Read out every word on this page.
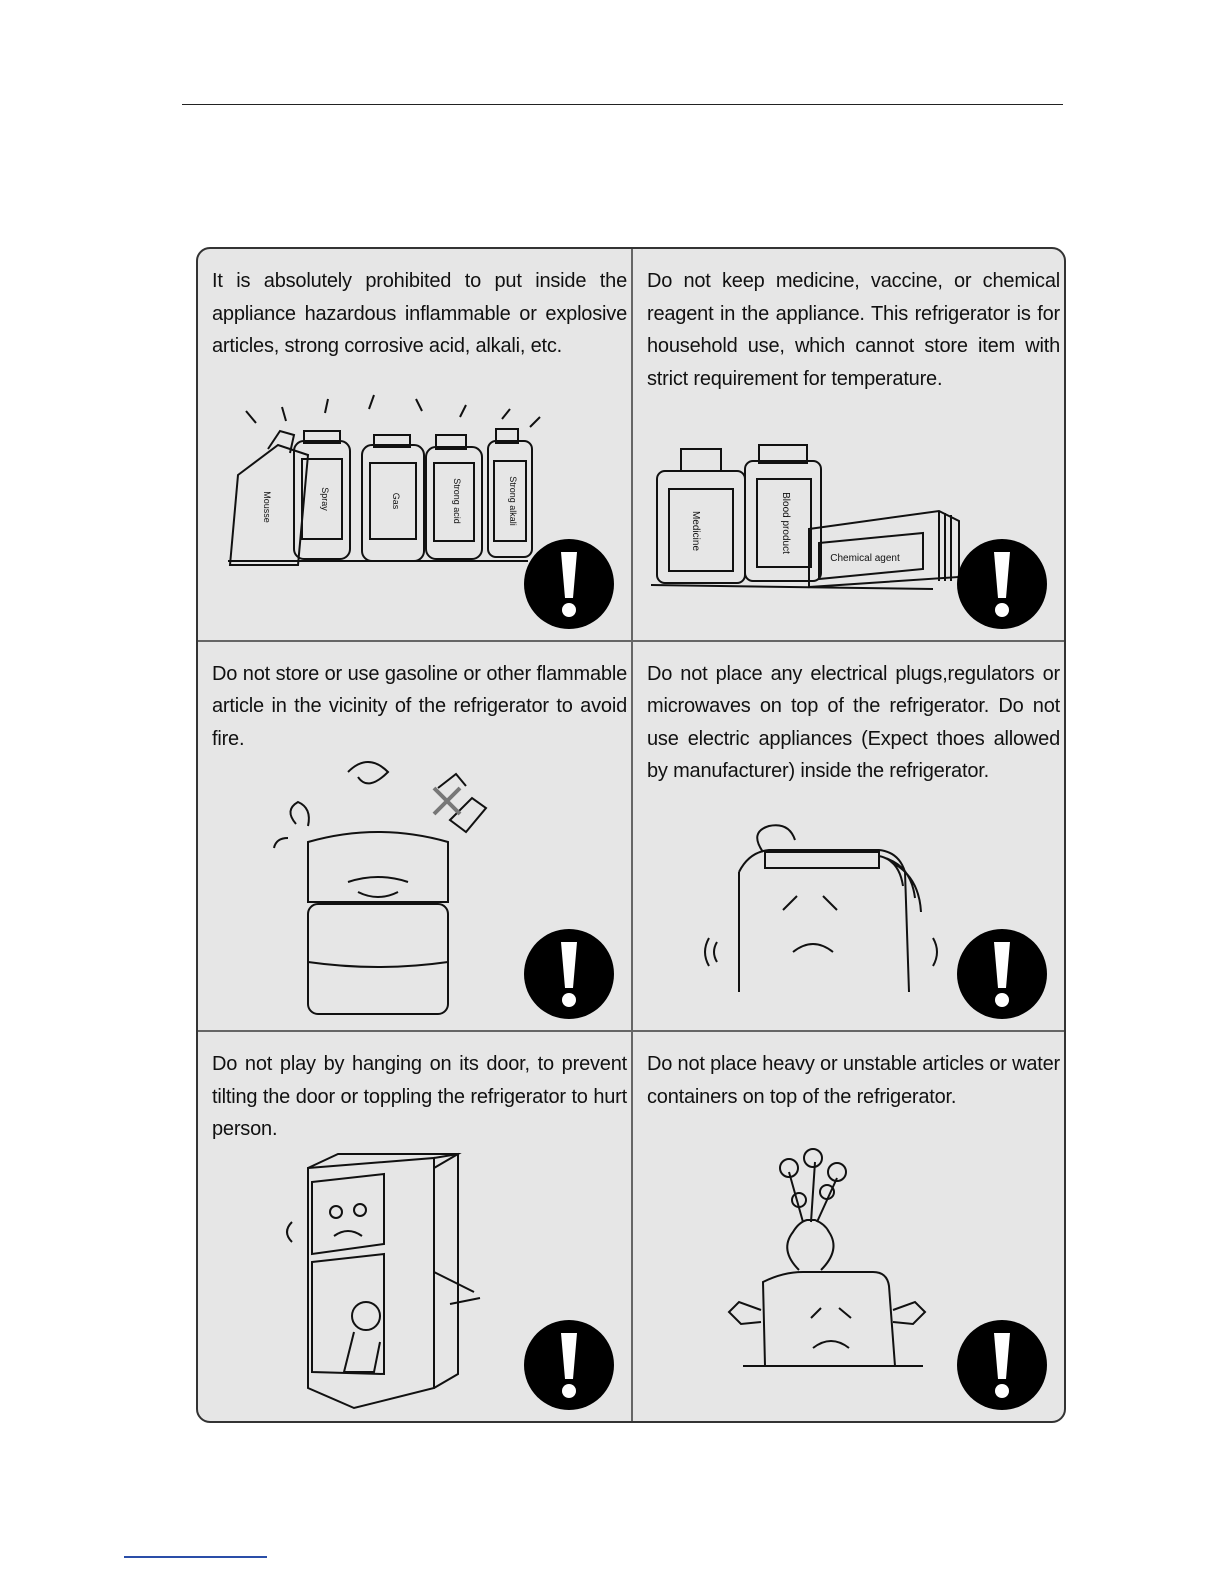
It is absolutely prohibited to put inside the appliance hazardous inflammable or explosive articles, strong corrosive acid, alkali, etc.
Mousse	Spray	Gas	Strong acid	Strong alkali
Do not keep medicine, vaccine, or chemical reagent in the appliance. This refrigerator is for household use, which cannot store item with strict requirement for temperature.
Medicine	Blood product
Chemical agent
Do not store or use gasoline or other flammable article in the vicinity of the refrigerator to avoid fire.
Do not place any electrical plugs,regulators or microwaves on top of the refrigerator. Do not use electric appliances (Expect thoes allowed by manufacturer) inside the refrigerator.
Do not play by hanging on its door, to prevent tilting the door or toppling the refrigerator to hurt person.
Do not place heavy or unstable articles or water containers on top of the refrigerator.
